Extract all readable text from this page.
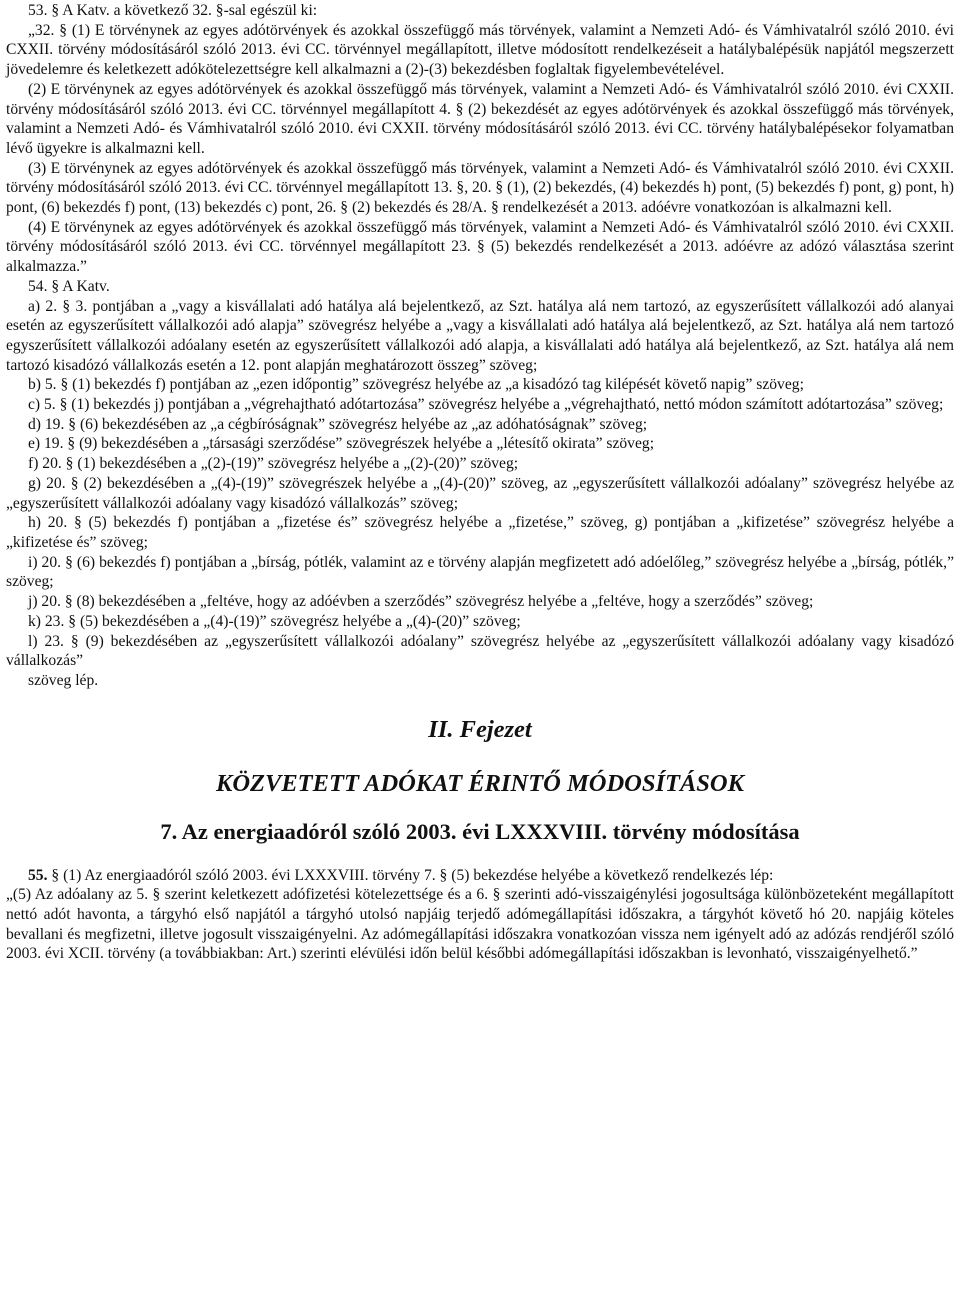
53. § A Katv. a következő 32. §-sal egészül ki:

„32. § (1) E törvénynek az egyes adótörvények és azokkal összefüggő más törvények, valamint a Nemzeti Adó- és Vámhivatalról szóló 2010. évi CXXII. törvény módosításáról szóló 2013. évi CC. törvénnyel megállapított, illetve módosított rendelkezéseit a hatálybalépésük napjától megszerzett jövedelemre és keletkezett adókötelezettségre kell alkalmazni a (2)-(3) bekezdésben foglaltak figyelembevételével.

(2) E törvénynek az egyes adótörvények és azokkal összefüggő más törvények, valamint a Nemzeti Adó- és Vámhivatalról szóló 2010. évi CXXII. törvény módosításáról szóló 2013. évi CC. törvénnyel megállapított 4. § (2) bekezdését az egyes adótörvények és azokkal összefüggő más törvények, valamint a Nemzeti Adó- és Vámhivatalról szóló 2010. évi CXXII. törvény módosításáról szóló 2013. évi CC. törvény hatálybalépésekor folyamatban lévő ügyekre is alkalmazni kell.

(3) E törvénynek az egyes adótörvények és azokkal összefüggő más törvények, valamint a Nemzeti Adó- és Vámhivatalról szóló 2010. évi CXXII. törvény módosításáról szóló 2013. évi CC. törvénnyel megállapított 13. §, 20. § (1), (2) bekezdés, (4) bekezdés h) pont, (5) bekezdés f) pont, g) pont, h) pont, (6) bekezdés f) pont, (13) bekezdés c) pont, 26. § (2) bekezdés és 28/A. § rendelkezését a 2013. adóévre vonatkozóan is alkalmazni kell.

(4) E törvénynek az egyes adótörvények és azokkal összefüggő más törvények, valamint a Nemzeti Adó- és Vámhivatalról szóló 2010. évi CXXII. törvény módosításáról szóló 2013. évi CC. törvénnyel megállapított 23. § (5) bekezdés rendelkezését a 2013. adóévre az adózó választása szerint alkalmazza.”

54. § A Katv.

a) 2. § 3. pontjában a „vagy a kisvállalati adó hatálya alá bejelentkező, az Szt. hatálya alá nem tartozó, az egyszerűsített vállalkozói adó alanyai esetén az egyszerűsített vállalkozói adó alapja” szövegrész helyébe a „vagy a kisvállalati adó hatálya alá bejelentkező, az Szt. hatálya alá nem tartozó egyszerűsített vállalkozói adóalany esetén az egyszerűsített vállalkozói adó alapja, a kisvállalati adó hatálya alá bejelentkező, az Szt. hatálya alá nem tartozó kisadózó vállalkozás esetén a 12. pont alapján meghatározott összeg” szöveg;

b) 5. § (1) bekezdés f) pontjában az „ezen időpontig” szövegrész helyébe az „a kisadózó tag kilépését követő napig” szöveg;

c) 5. § (1) bekezdés j) pontjában a „végrehajtható adótartozása” szövegrész helyébe a „végrehajtható, nettó módon számított adótartozása” szöveg;

d) 19. § (6) bekezdésében az „a cégbíróságnak” szövegrész helyébe az „az adóhatóságnak” szöveg;

e) 19. § (9) bekezdésében a „társasági szerződése” szövegrészek helyébe a „létesítő okirata” szöveg;

f) 20. § (1) bekezdésében a „(2)-(19)” szövegrész helyébe a „(2)-(20)” szöveg;

g) 20. § (2) bekezdésében a „(4)-(19)” szövegrészek helyébe a „(4)-(20)” szöveg, az „egyszerűsített vállalkozói adóalany” szövegrész helyébe az „egyszerűsített vállalkozói adóalany vagy kisadózó vállalkozás” szöveg;

h) 20. § (5) bekezdés f) pontjában a „fizetése és” szövegrész helyébe a „fizetése,” szöveg, g) pontjában a „kifizetése” szövegrész helyébe a „kifizetése és” szöveg;

i) 20. § (6) bekezdés f) pontjában a „bírság, pótlék, valamint az e törvény alapján megfizetett adó adóelőleg,” szövegrész helyébe a „bírság, pótlék,” szöveg;

j) 20. § (8) bekezdésében a „feltéve, hogy az adóévben a szerződés” szövegrész helyébe a „feltéve, hogy a szerződés” szöveg;

k) 23. § (5) bekezdésében a „(4)-(19)” szövegrész helyébe a „(4)-(20)” szöveg;

l) 23. § (9) bekezdésében az „egyszerűsített vállalkozói adóalany” szövegrész helyébe az „egyszerűsített vállalkozói adóalany vagy kisadózó vállalkozás”

szöveg lép.

II. Fejezet
KÖZVETETT ADÓKAT ÉRINTŐ MÓDOSÍTÁSOK
7. Az energiaadóról szóló 2003. évi LXXXVIII. törvény módosítása

55. § (1) Az energiaadóról szóló 2003. évi LXXXVIII. törvény 7. § (5) bekezdése helyébe a következő rendelkezés lép:

„(5) Az adóalany az 5. § szerint keletkezett adófizetési kötelezettsége és a 6. § szerinti adó-visszaigénylési jogosultsága különbözeteként megállapított nettó adót havonta, a tárgyhó első napjától a tárgyhó utolsó napjáig terjedő adómegállapítási időszakra, a tárgyhót követő hó 20. napjáig köteles bevallani és megfizetni, illetve jogosult visszaigényelni. Az adómegállapítási időszakra vonatkozóan vissza nem igényelt adó az adózás rendjéről szóló 2003. évi XCII. törvény (a továbbiakban: Art.) szerinti elévülési időn belül későbbi adómegállapítási időszakban is levonható, visszaigényelhető.”
